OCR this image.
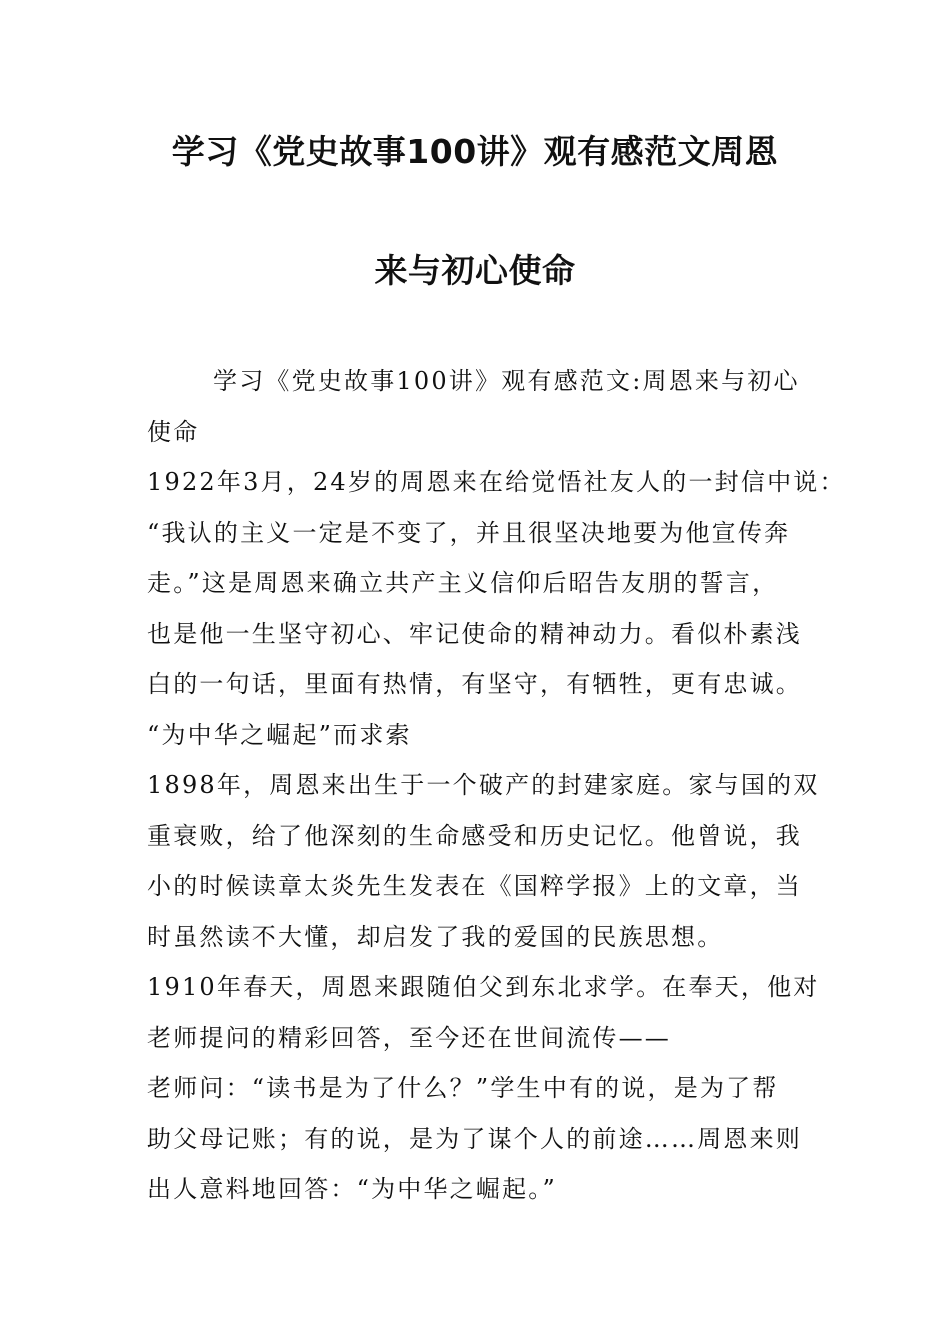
学习《党史故事100讲》观有感范文周恩
来与初心使命
学习《党史故事100讲》观有感范文:周恩来与初心
使命
1922年3月，24岁的周恩来在给觉悟社友人的一封信中说：
“我认的主义一定是不变了，并且很坚决地要为他宣传奔
走。”这是周恩来确立共产主义信仰后昭告友朋的誓言，
也是他一生坚守初心、牢记使命的精神动力。看似朴素浅
白的一句话，里面有热情，有坚守，有牺牲，更有忠诚。
“为中华之崛起”而求索
1898年，周恩来出生于一个破产的封建家庭。家与国的双
重衰败，给了他深刻的生命感受和历史记忆。他曾说，我
小的时候读章太炎先生发表在《国粹学报》上的文章，当
时虽然读不大懂，却启发了我的爱国的民族思想。
1910年春天，周恩来跟随伯父到东北求学。在奉天，他对
老师提问的精彩回答，至今还在世间流传——
老师问：“读书是为了什么？”学生中有的说，是为了帮
助父母记账；有的说，是为了谋个人的前途……周恩来则
出人意料地回答：“为中华之崛起。”
